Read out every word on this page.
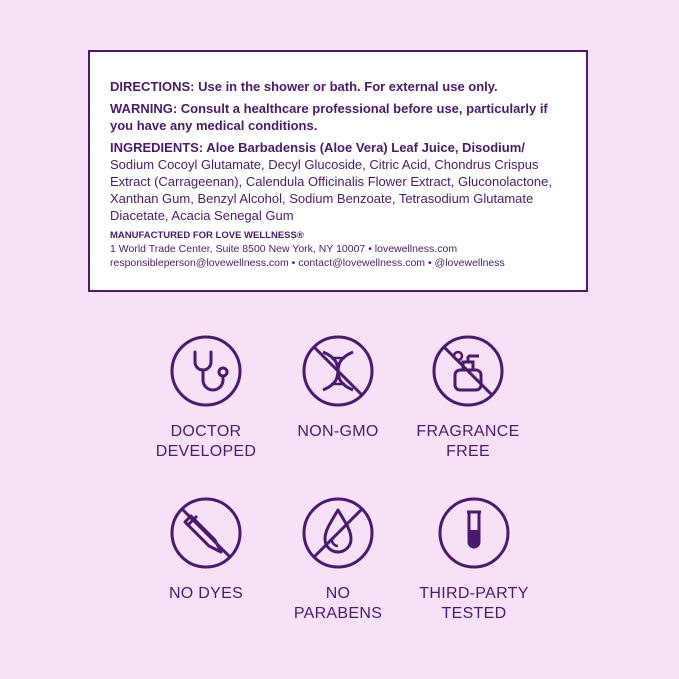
DIRECTIONS: Use in the shower or bath. For external use only.

WARNING: Consult a healthcare professional before use, particularly if you have any medical conditions.

INGREDIENTS: Aloe Barbadensis (Aloe Vera) Leaf Juice, Disodium/
Sodium Cocoyl Glutamate, Decyl Glucoside, Citric Acid, Chondrus Crispus Extract (Carrageenan), Calendula Officinalis Flower Extract, Gluconolactone, Xanthan Gum, Benzyl Alcohol, Sodium Benzoate, Tetrasodium Glutamate Diacetate, Acacia Senegal Gum

MANUFACTURED FOR LOVE WELLNESS®

1 World Trade Center, Suite 8500 New York, NY 10007 • lovewellness.com

responsibleperson@lovewellness.com • contact@lovewellness.com • @lovewellness

DOCTOR
DEVELOPED
NON-GMO	FRAGRANCE
FREE
NO DYES	NO
PARABENS
THIRD-PARTY
TESTED
